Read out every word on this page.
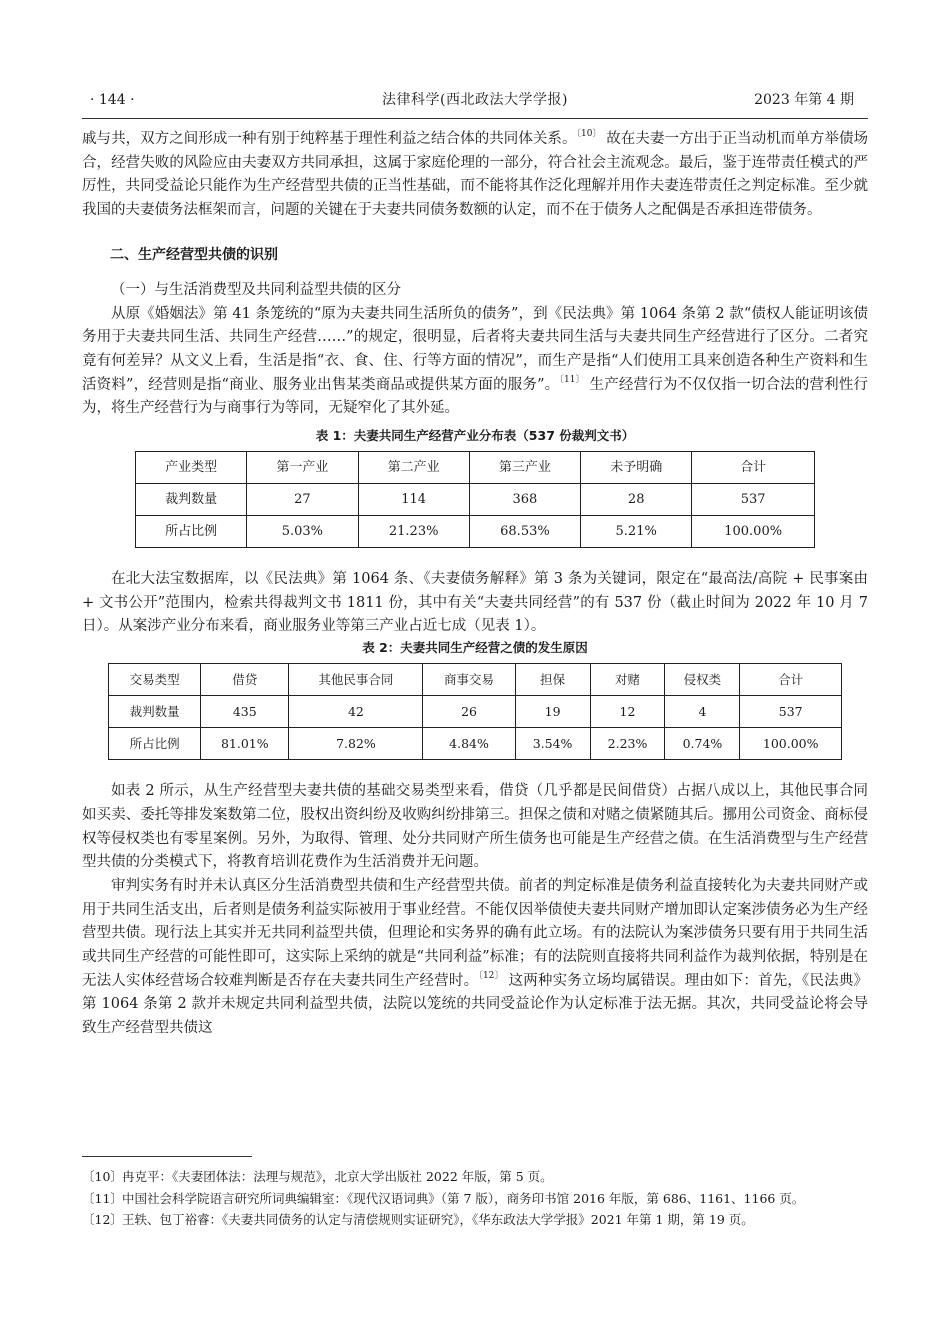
· 144 ·	法律科学(西北政法大学学报)	2023 年第 4 期

戚与共，双方之间形成一种有别于纯粹基于理性利益之结合体的共同体关系。$^{〔10〕}$ 故在夫妻一方出于正当动机而单方举债场合，经营失败的风险应由夫妻双方共同承担，这属于家庭伦理的一部分，符合社会主流观念。最后，鉴于连带责任模式的严厉性，共同受益论只能作为生产经营型共债的正当性基础，而不能将其作泛化理解并用作夫妻连带责任之判定标准。至少就我国的夫妻债务法框架而言，问题的关键在于夫妻共同债务数额的认定，而不在于债务人之配偶是否承担连带债务。

二、生产经营型共债的识别

（一）与生活消费型及共同利益型共债的区分

从原《婚姻法》第 41 条笼统的“原为夫妻共同生活所负的债务”，到《民法典》第 1064 条第 2 款“债权人能证明该债务用于夫妻共同生活、共同生产经营……”的规定，很明显，后者将夫妻共同生活与夫妻共同生产经营进行了区分。二者究竟有何差异？从文义上看，生活是指“衣、食、住、行等方面的情况”，而生产是指“人们使用工具来创造各种生产资料和生活资料”，经营则是指“商业、服务业出售某类商品或提供某方面的服务”。$^{〔11〕}$ 生产经营行为不仅仅指一切合法的营利性行为，将生产经营行为与商事行为等同，无疑窄化了其外延。

表 1：夫妻共同生产经营产业分布表（537 份裁判文书）
产业类型	第一产业	第二产业	第三产业	未予明确	合计
裁判数量	27	114	368	28	537
所占比例	5.03%	21.23%	68.53%	5.21%	100.00%

在北大法宝数据库，以《民法典》第 1064 条、《夫妻债务解释》第 3 条为关键词，限定在“最高法/高院 + 民事案由 + 文书公开”范围内，检索共得裁判文书 1811 份，其中有关“夫妻共同经营”的有 537 份（截止时间为 2022 年 10 月 7 日）。从案涉产业分布来看，商业服务业等第三产业占近七成（见表 1）。

表 2：夫妻共同生产经营之债的发生原因
交易类型	借贷	其他民事合同	商事交易	担保	对赌	侵权类	合计
裁判数量	435	42	26	19	12	4	537
所占比例	81.01%	7.82%	4.84%	3.54%	2.23%	0.74%	100.00%

如表 2 所示，从生产经营型夫妻共债的基础交易类型来看，借贷（几乎都是民间借贷）占据八成以上，其他民事合同如买卖、委托等排发案数第二位，股权出资纠纷及收购纠纷排第三。担保之债和对赌之债紧随其后。挪用公司资金、商标侵权等侵权类也有零星案例。另外，为取得、管理、处分共同财产所生债务也可能是生产经营之债。在生活消费型与生产经营型共债的分类模式下，将教育培训花费作为生活消费并无问题。

审判实务有时并未认真区分生活消费型共债和生产经营型共债。前者的判定标准是债务利益直接转化为夫妻共同财产或用于共同生活支出，后者则是债务利益实际被用于事业经营。不能仅因举债使夫妻共同财产增加即认定案涉债务必为生产经营型共债。现行法上其实并无共同利益型共债，但理论和实务界的确有此立场。有的法院认为案涉债务只要有用于共同生活或共同生产经营的可能性即可，这实际上采纳的就是“共同利益”标准；有的法院则直接将共同利益作为裁判依据，特别是在无法人实体经营场合较难判断是否存在夫妻共同生产经营时。$^{〔12〕}$ 这两种实务立场均属错误。理由如下：首先，《民法典》第 1064 条第 2 款并未规定共同利益型共债，法院以笼统的共同受益论作为认定标准于法无据。其次，共同受益论将会导致生产经营型共债这

〔10〕冉克平：《夫妻团体法：法理与规范》，北京大学出版社 2022 年版，第 5 页。
〔11〕中国社会科学院语言研究所词典编辑室：《现代汉语词典》（第 7 版），商务印书馆 2016 年版，第 686、1161、1166 页。
〔12〕王轶、包丁裕睿：《夫妻共同债务的认定与清偿规则实证研究》，《华东政法大学学报》2021 年第 1 期，第 19 页。
